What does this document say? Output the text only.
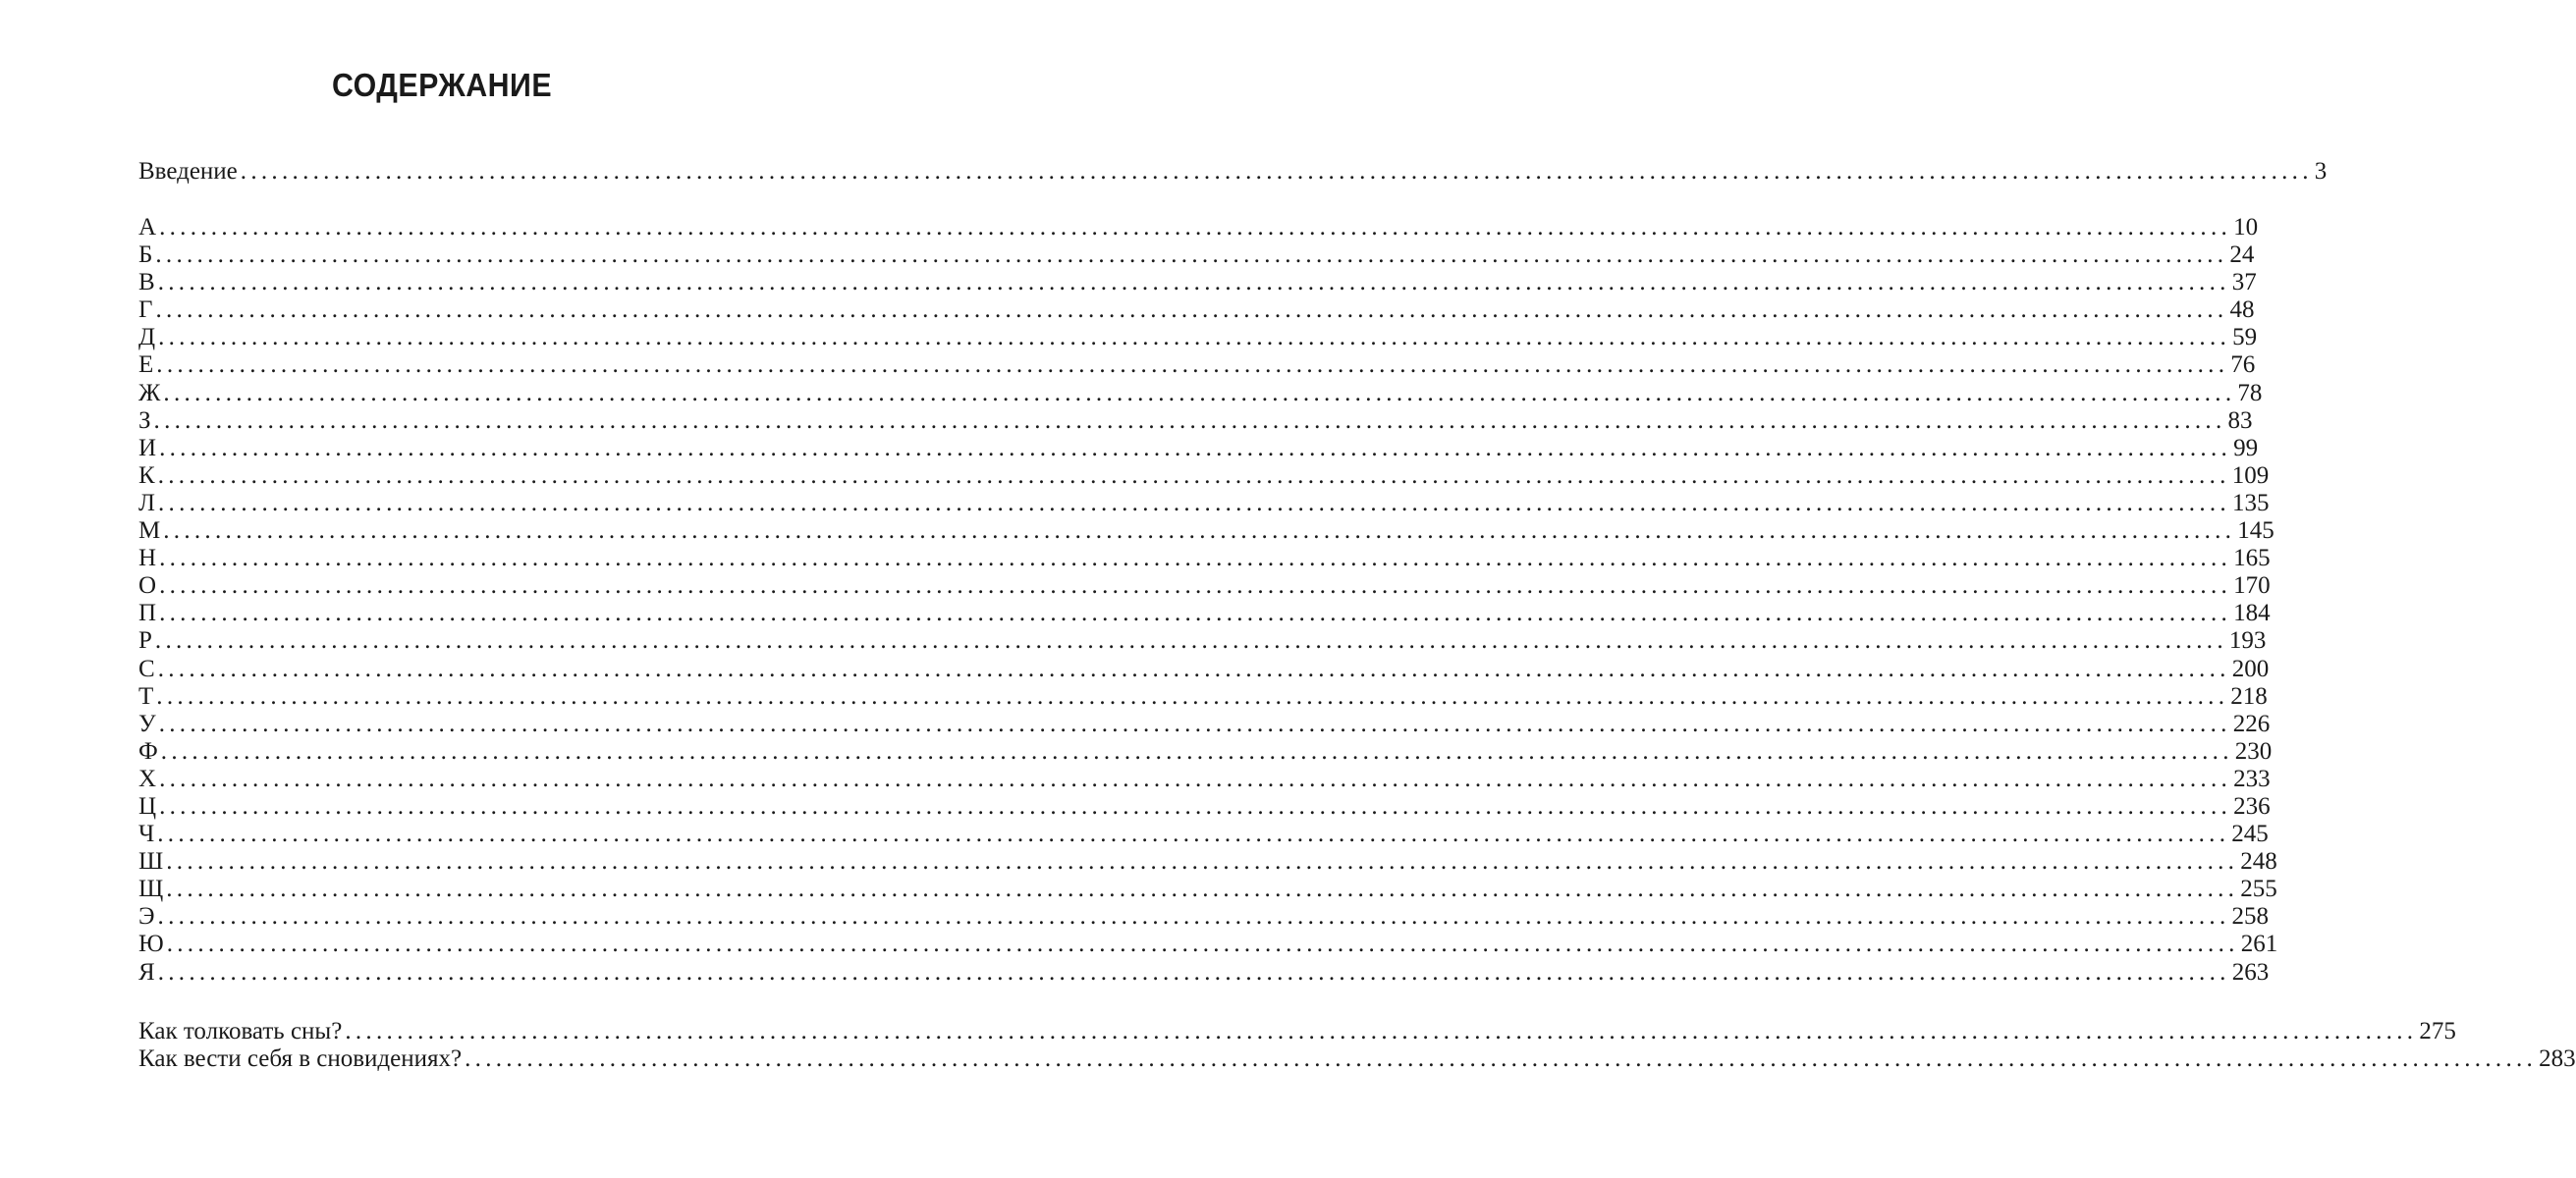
СОДЕРЖАНИЕ
Введение ........................................................................................................................................................................................................ 3
А ........................................................................................................................................................................................................ 10
Б ........................................................................................................................................................................................................ 24
В ........................................................................................................................................................................................................ 37
Г ........................................................................................................................................................................................................ 48
Д ........................................................................................................................................................................................................ 59
Е ........................................................................................................................................................................................................ 76
Ж ........................................................................................................................................................................................................ 78
З ........................................................................................................................................................................................................ 83
И ........................................................................................................................................................................................................ 99
К ........................................................................................................................................................................................................ 109
Л ........................................................................................................................................................................................................ 135
М ........................................................................................................................................................................................................ 145
Н ........................................................................................................................................................................................................ 165
О ........................................................................................................................................................................................................ 170
П ........................................................................................................................................................................................................ 184
Р ........................................................................................................................................................................................................ 193
С ........................................................................................................................................................................................................ 200
Т ........................................................................................................................................................................................................ 218
У ........................................................................................................................................................................................................ 226
Ф ........................................................................................................................................................................................................ 230
Х ........................................................................................................................................................................................................ 233
Ц ........................................................................................................................................................................................................ 236
Ч ........................................................................................................................................................................................................ 245
Ш ........................................................................................................................................................................................................ 248
Щ ........................................................................................................................................................................................................ 255
Э ........................................................................................................................................................................................................ 258
Ю ........................................................................................................................................................................................................ 261
Я ........................................................................................................................................................................................................ 263
Как толковать сны? ........................................................................................................................................................................................................ 275
Как вести себя в сновидениях? ........................................................................................................................................................................................................ 283
